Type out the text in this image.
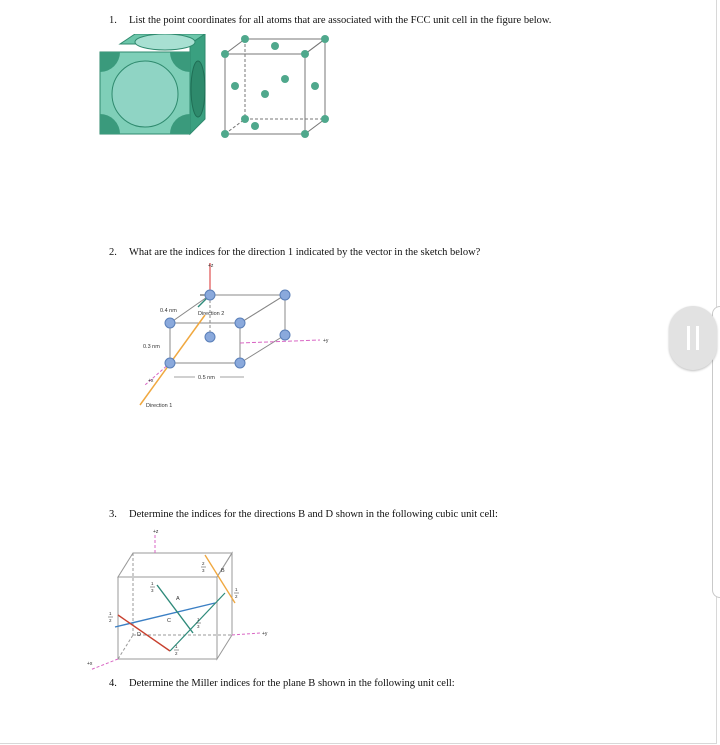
1. List the point coordinates for all atoms that are associated with the FCC unit cell in the figure below.
2. What are the indices for the direction 1 indicated by the vector in the sketch below?
3. Determine the indices for the directions B and D shown in the following cubic unit cell:
4. Determine the Miller indices for the plane B shown in the following unit cell:
+z
+y
+x
0.4 nm
0.3 nm
0.5 nm
Direction 2
Direction 1
+z
+y
+x
A
B
C
D
2
3
1
3
1
2
1
2
1
3
1
2
